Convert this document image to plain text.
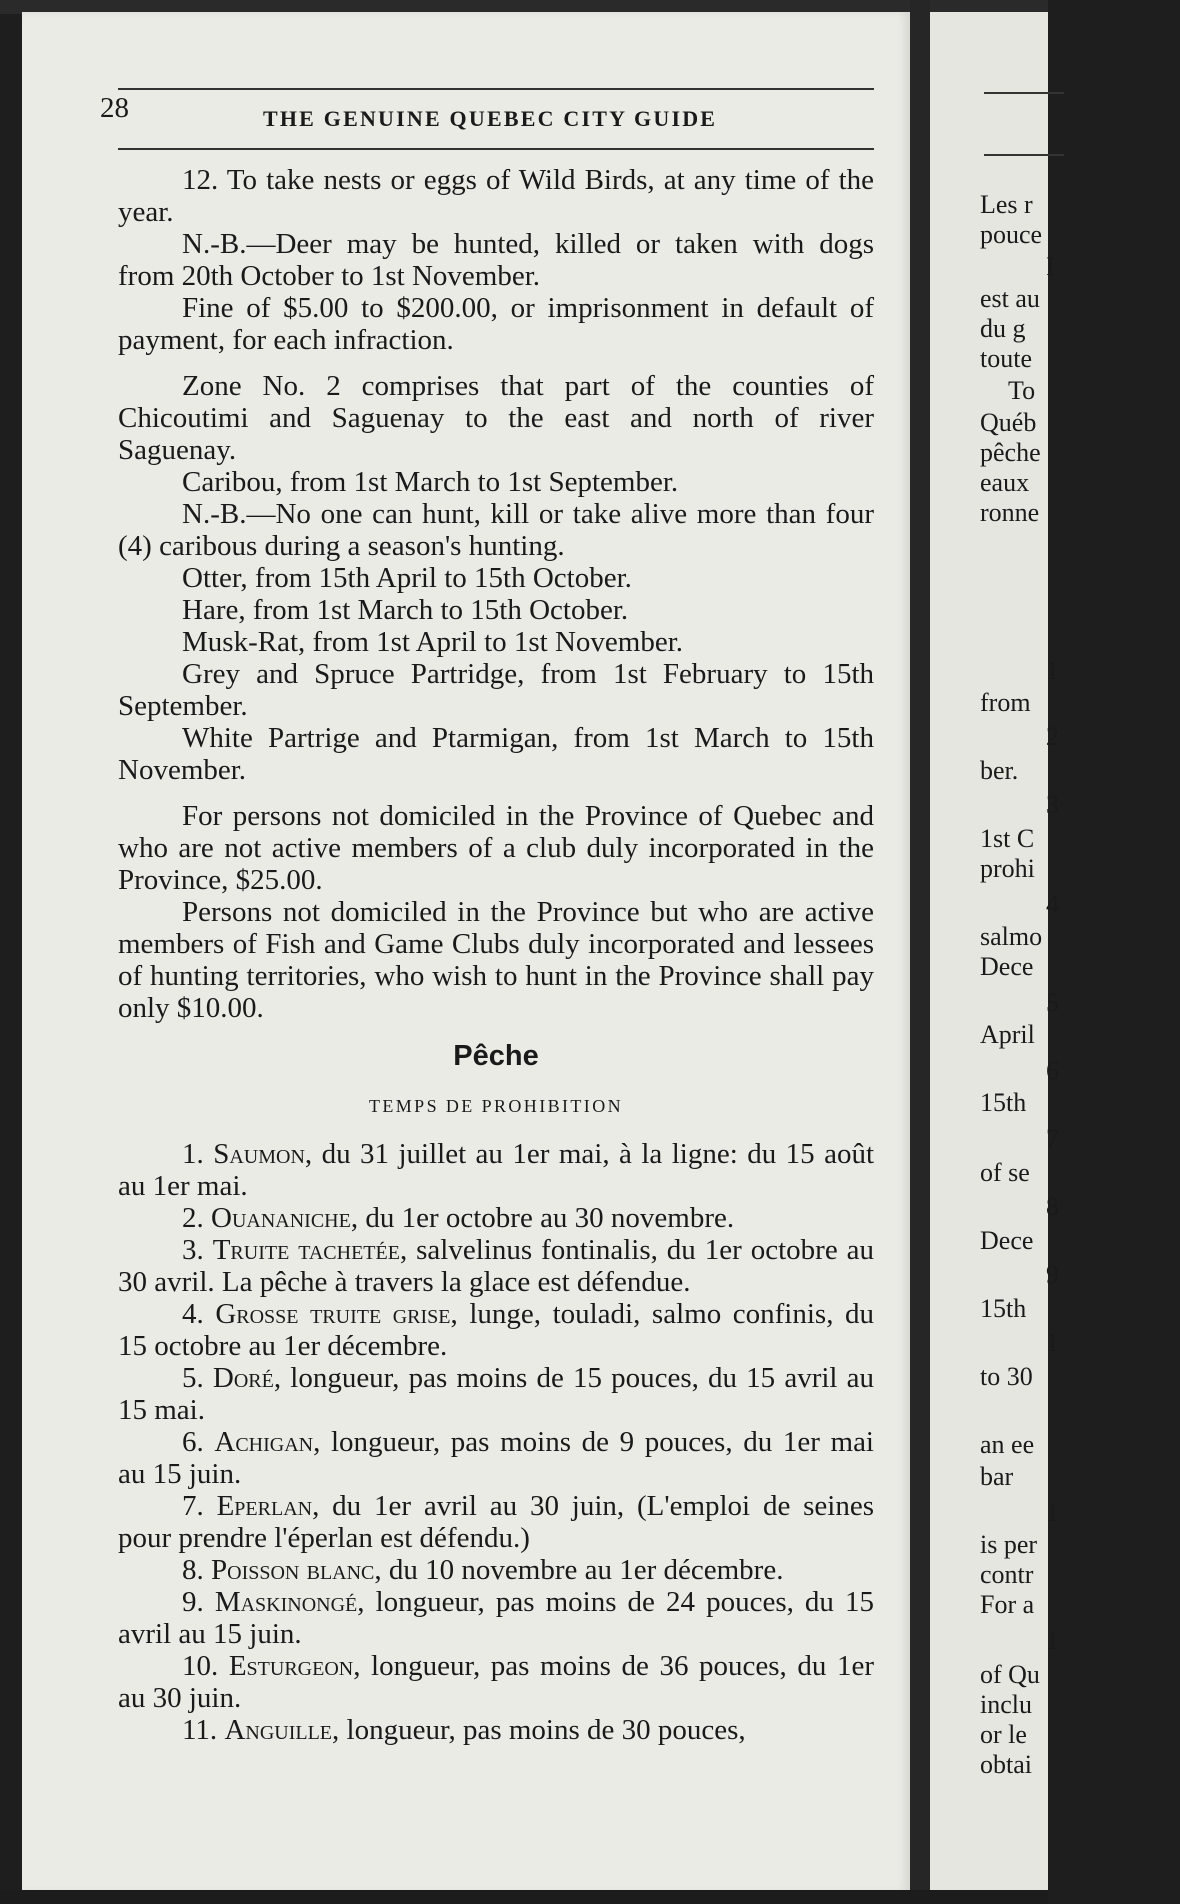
28	THE GENUINE QUEBEC CITY GUIDE

12. To take nests or eggs of Wild Birds, at any time of the year.

N.-B.—Deer may be hunted, killed or taken with dogs from 20th October to 1st November.

Fine of $5.00 to $200.00, or imprisonment in default of payment, for each infraction.

Zone No. 2 comprises that part of the counties of Chicoutimi and Saguenay to the east and north of river Saguenay.

Caribou, from 1st March to 1st September.

N.-B.—No one can hunt, kill or take alive more than four (4) caribous during a season's hunting.

Otter, from 15th April to 15th October.

Hare, from 1st March to 15th October.

Musk-Rat, from 1st April to 1st November.

Grey and Spruce Partridge, from 1st February to 15th September.

White Partrige and Ptarmigan, from 1st March to 15th November.

For persons not domiciled in the Province of Quebec and who are not active members of a club duly incorporated in the Province, $25.00.

Persons not domiciled in the Province but who are active members of Fish and Game Clubs duly incorporated and lessees of hunting territories, who wish to hunt in the Province shall pay only $10.00.

Pêche

TEMPS DE PROHIBITION

1. Saumon, du 31 juillet au 1er mai, à la ligne: du 15 août au 1er mai.

2. Ouananiche, du 1er octobre au 30 novembre.

3. Truite tachetée, salvelinus fontinalis, du 1er octobre au 30 avril. La pêche à travers la glace est défendue.

4. Grosse truite grise, lunge, touladi, salmo confinis, du 15 octobre au 1er décembre.

5. Doré, longueur, pas moins de 15 pouces, du 15 avril au 15 mai.

6. Achigan, longueur, pas moins de 9 pouces, du 1er mai au 15 juin.

7. Eperlan, du 1er avril au 30 juin, (L'emploi de seines pour prendre l'éperlan est défendu.)

8. Poisson blanc, du 10 novembre au 1er décembre.

9. Maskinongé, longueur, pas moins de 24 pouces, du 15 avril au 15 juin.

10. Esturgeon, longueur, pas moins de 36 pouces, du 1er au 30 juin.

11. Anguille, longueur, pas moins de 30 pouces,

Les r
pouce
I
est au
du g
toute
To
Québ
pêche
eaux
ronne
1
from
2
ber.
3
1st C
prohi
4
salmo
Dece
5
April
6
15th
7
of se
8
Dece
9
15th
1
to 30
an ee
bar
1
is per
contr
For a
1
of Qu
inclu
or le
obtai
